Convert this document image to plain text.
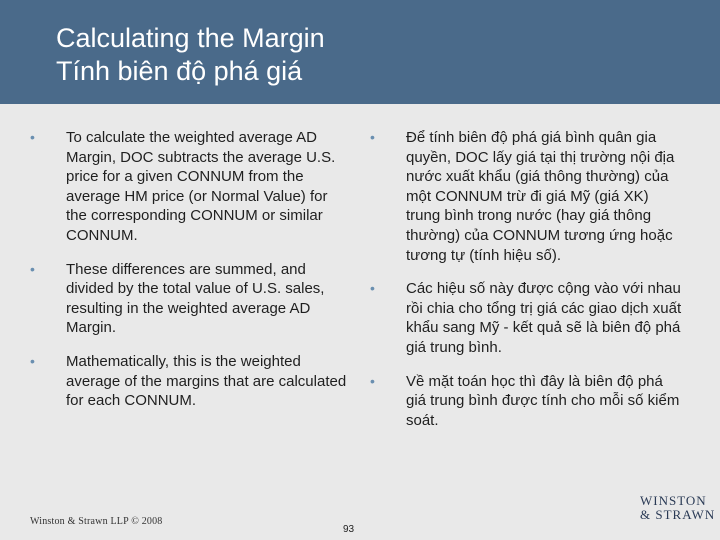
Calculating the Margin
Tính biên độ phá giá
• To calculate the weighted average AD Margin, DOC subtracts the average U.S. price for a given CONNUM from the average HM price (or Normal Value) for the corresponding CONNUM or similar CONNUM.
• These differences are summed, and divided by the total value of U.S. sales, resulting in the weighted average AD Margin.
• Mathematically, this is the weighted average of the margins that are calculated for each CONNUM.
• Để tính biên độ phá giá bình quân gia quyền, DOC lấy giá tại thị trường nội địa nước xuất khẩu (giá thông thường) của một CONNUM trừ đi giá Mỹ (giá XK) trung bình trong nước (hay giá thông thường) của CONNUM tương ứng hoặc tương tự (tính hiệu số).
• Các hiệu số này được cộng vào với nhau rồi chia cho tổng trị giá các giao dịch xuất khẩu sang Mỹ - kết quả sẽ là biên độ phá giá trung bình.
• Về mặt toán học thì đây là biên độ phá giá trung bình được tính cho mỗi số kiểm soát.
Winston & Strawn LLP © 2008
93
WINSTON
& STRAWN
